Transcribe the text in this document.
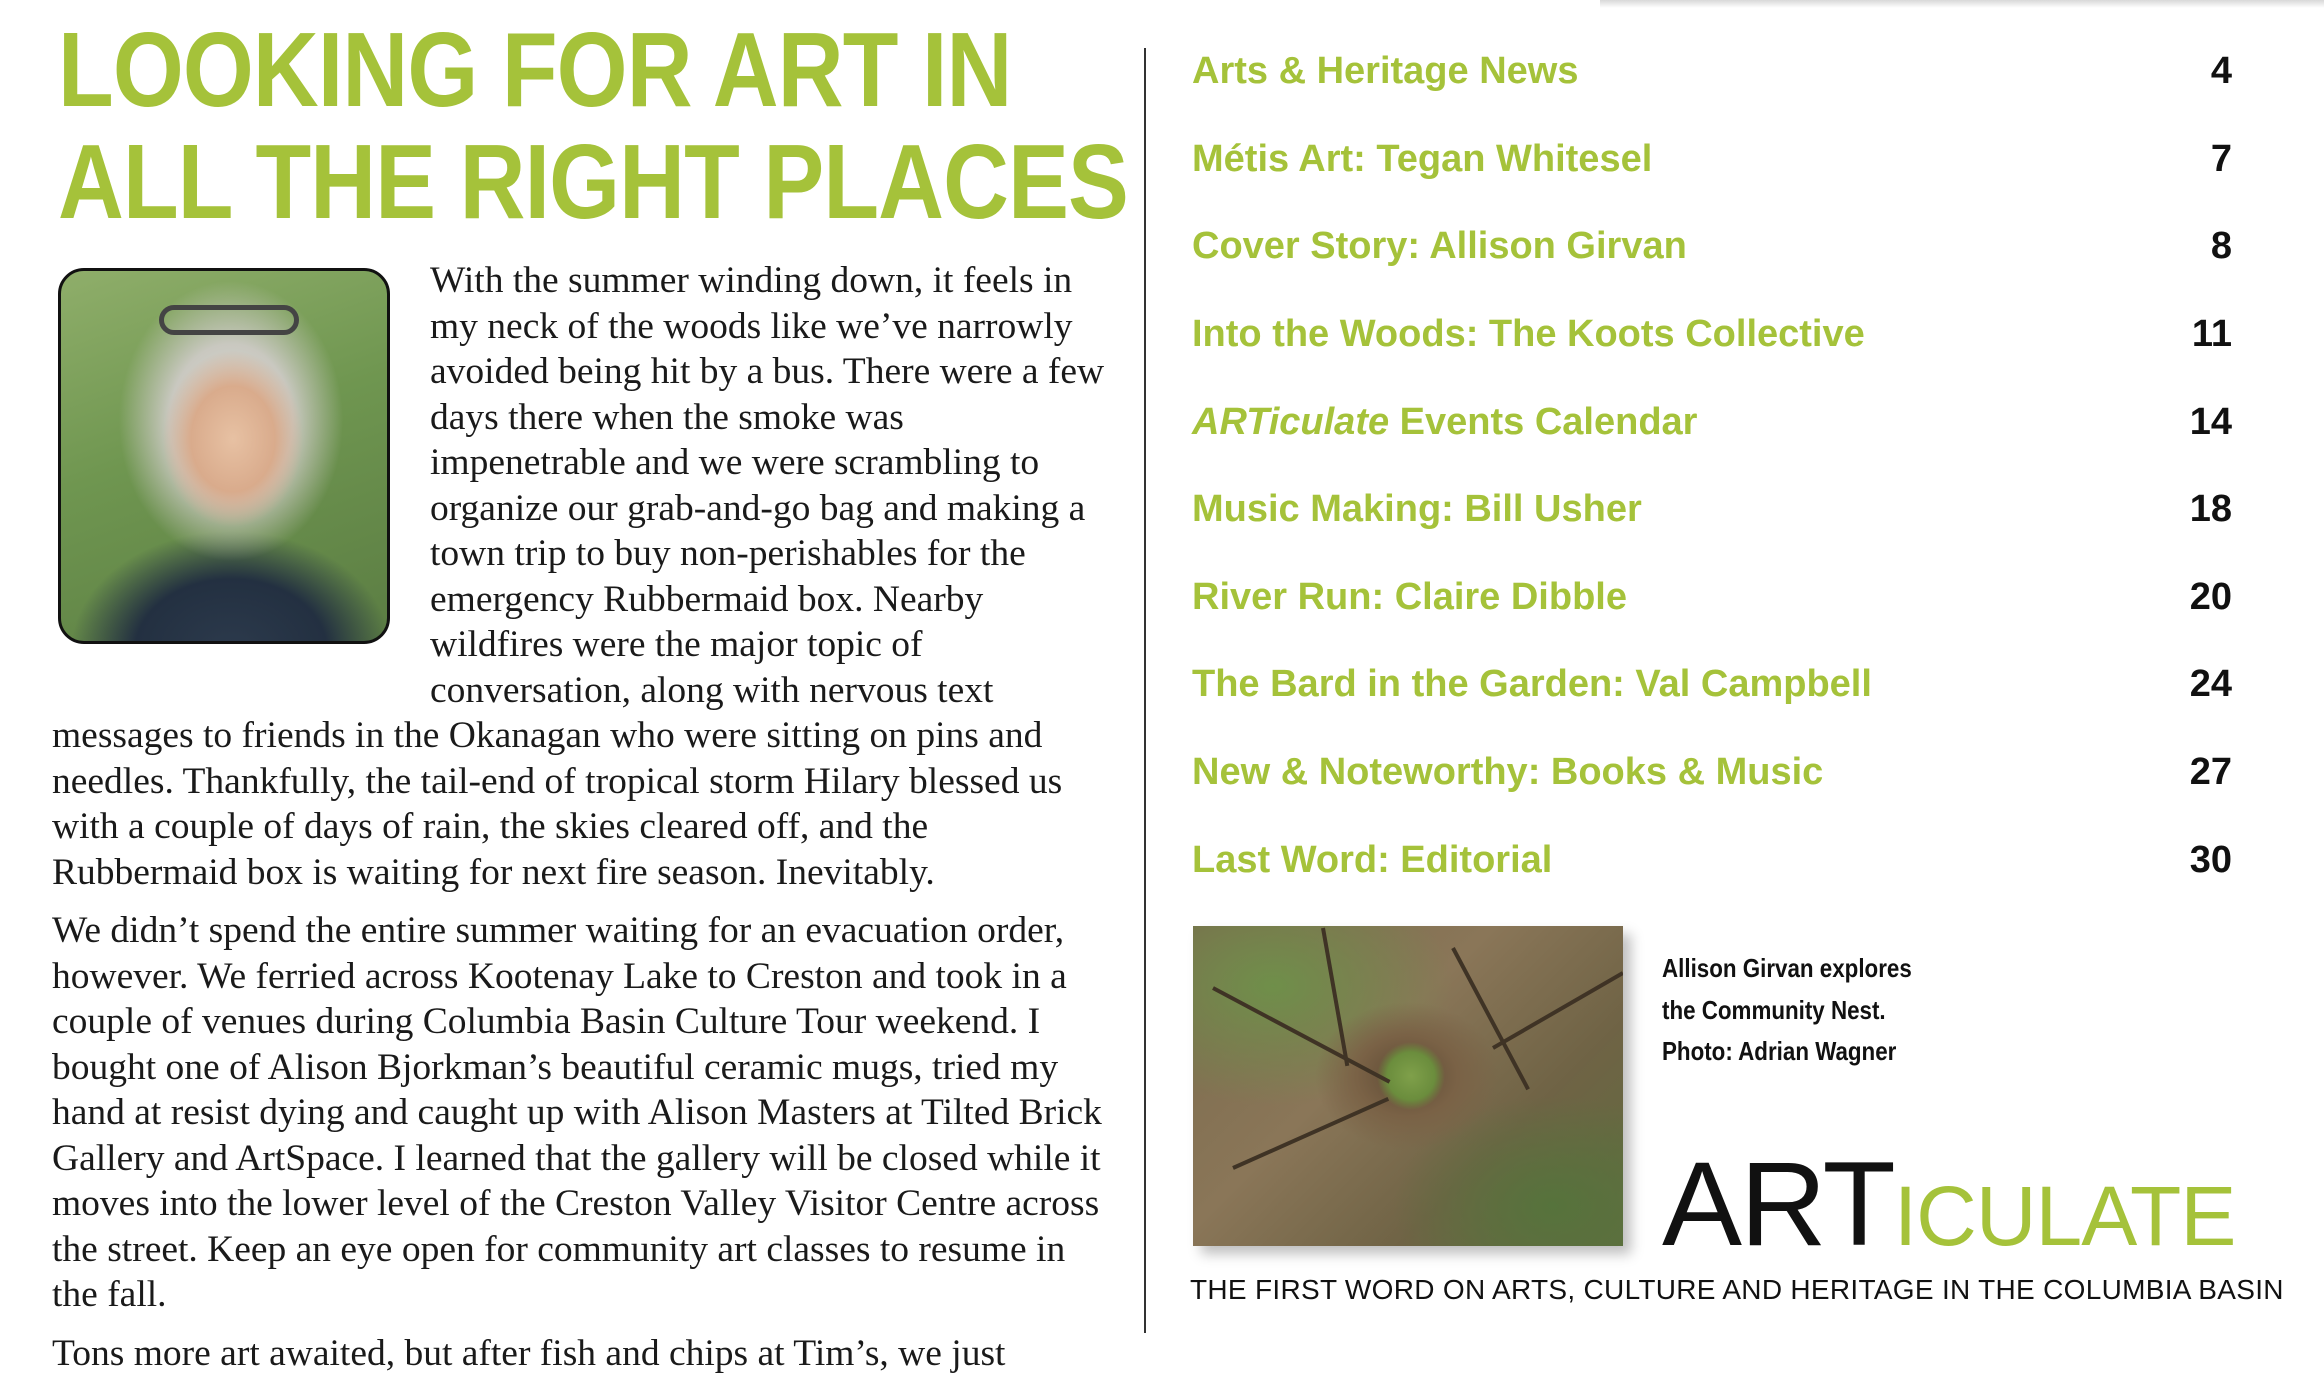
LOOKING FOR ART IN
ALL THE RIGHT PLACES

With the summer winding down, it feels in my neck of the woods like we’ve narrowly avoided being hit by a bus. There were a few days there when the smoke was impenetrable and we were scrambling to organize our grab-and-go bag and making a town trip to buy non-perishables for the emergency Rubbermaid box. Nearby wildfires were the major topic of conversation, along with nervous text messages to friends in the Okanagan who were sitting on pins and needles. Thankfully, the tail-end of tropical storm Hilary blessed us with a couple of days of rain, the skies cleared off, and the Rubbermaid box is waiting for next fire season. Inevitably.

We didn’t spend the entire summer waiting for an evacuation order, however. We ferried across Kootenay Lake to Creston and took in a couple of venues during Columbia Basin Culture Tour weekend. I bought one of Alison Bjorkman’s beautiful ceramic mugs, tried my hand at resist dying and caught up with Alison Masters at Tilted Brick Gallery and ArtSpace. I learned that the gallery will be closed while it moves into the lower level of the Creston Valley Visitor Centre across the street. Keep an eye open for community art classes to resume in the fall.

Tons more art awaited, but after fish and chips at Tim’s, we just

Arts & Heritage News	4
Métis Art: Tegan Whitesel	7
Cover Story: Allison Girvan	8
Into the Woods: The Koots Collective	11
ARTiculate Events Calendar	14
Music Making: Bill Usher	18
River Run: Claire Dibble	20
The Bard in the Garden: Val Campbell	24
New & Noteworthy: Books & Music	27
Last Word: Editorial	30
Allison Girvan explores
the Community Nest.
Photo: Adrian Wagner
ARTICULATE
THE FIRST WORD ON ARTS, CULTURE AND HERITAGE IN THE COLUMBIA BASIN
